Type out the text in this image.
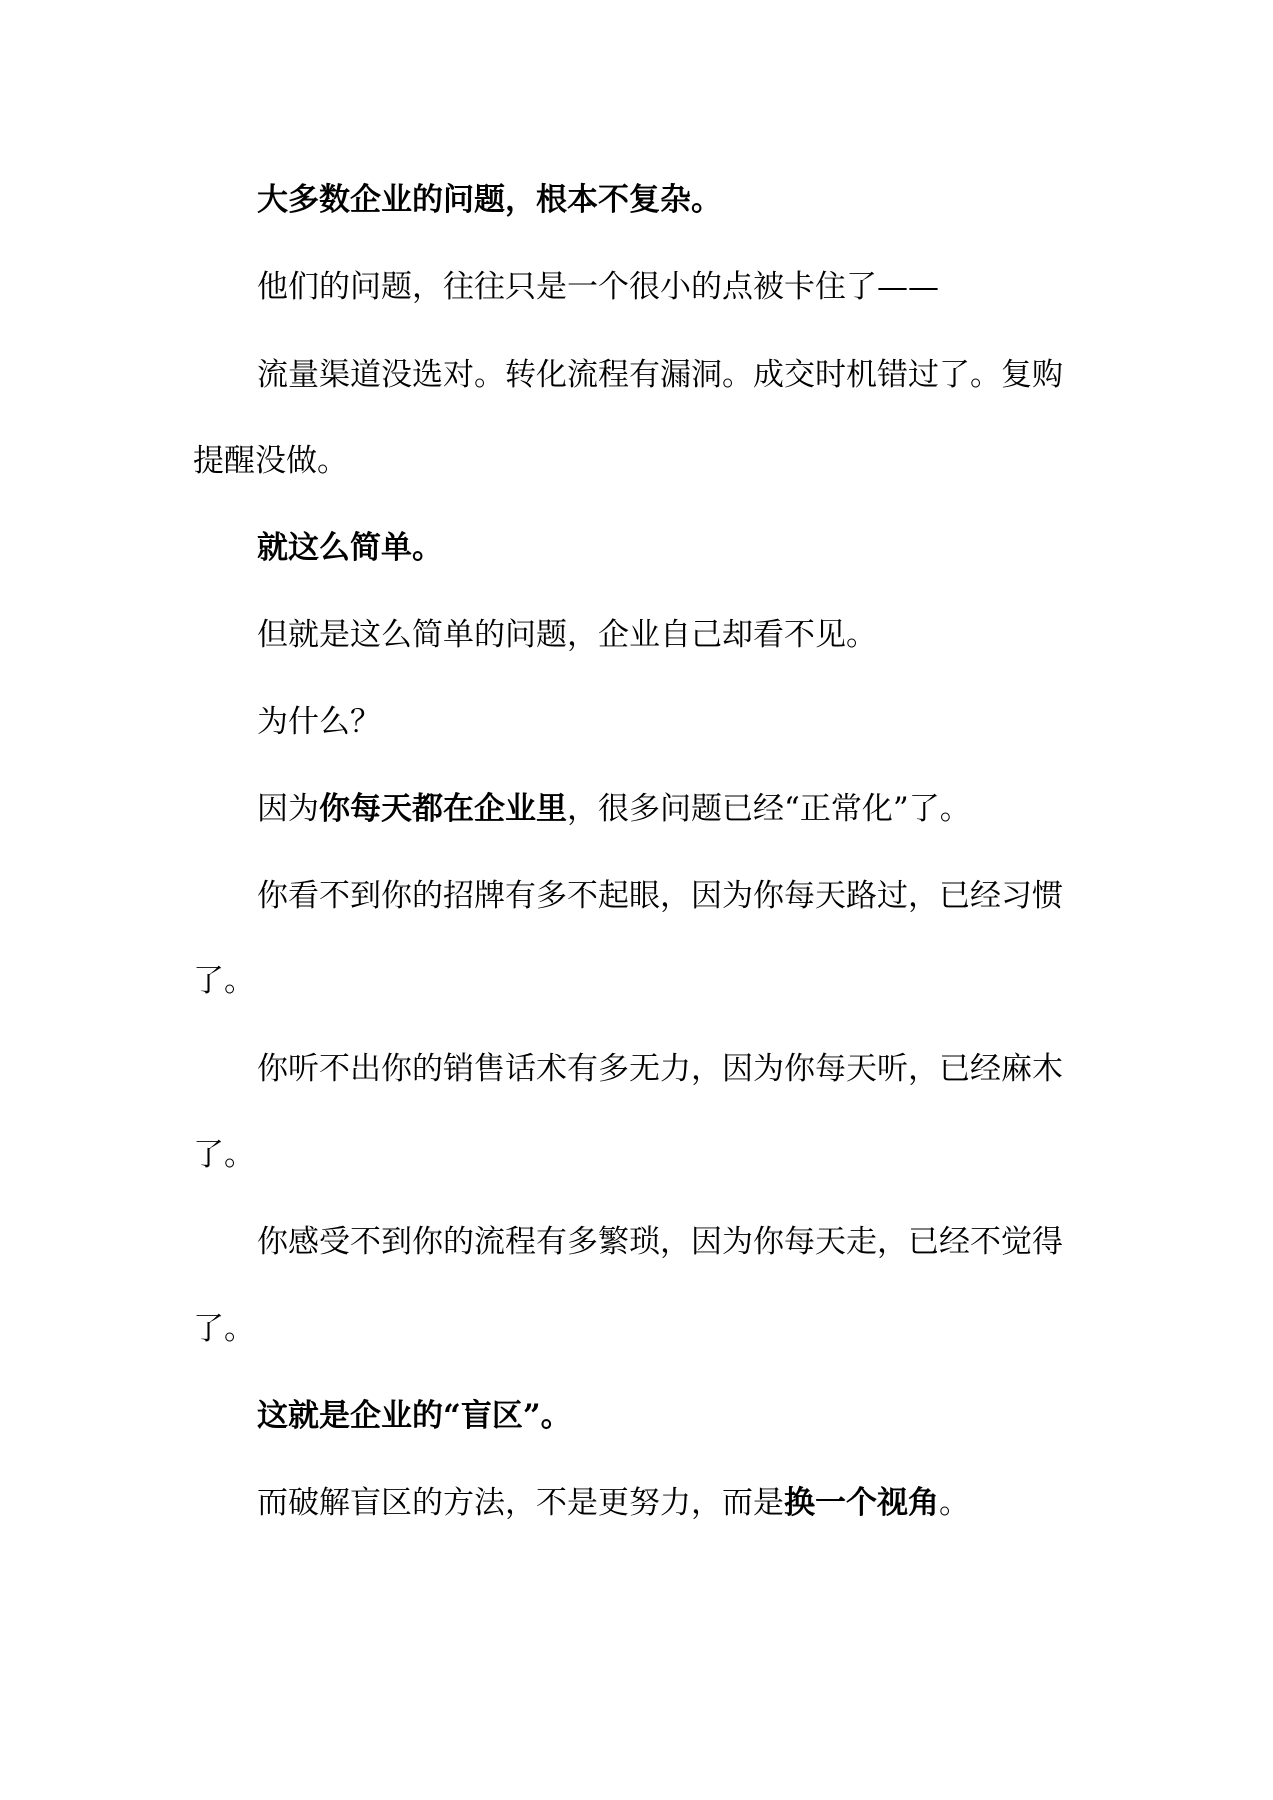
大多数企业的问题，根本不复杂。

他们的问题，往往只是一个很小的点被卡住了——

流量渠道没选对。转化流程有漏洞。成交时机错过了。复购

提醒没做。

就这么简单。

但就是这么简单的问题，企业自己却看不见。

为什么？

因为你每天都在企业里，很多问题已经“正常化”了。

你看不到你的招牌有多不起眼，因为你每天路过，已经习惯

了。

你听不出你的销售话术有多无力，因为你每天听，已经麻木

了。

你感受不到你的流程有多繁琐，因为你每天走，已经不觉得

了。

这就是企业的“盲区”。

而破解盲区的方法，不是更努力，而是换一个视角。
